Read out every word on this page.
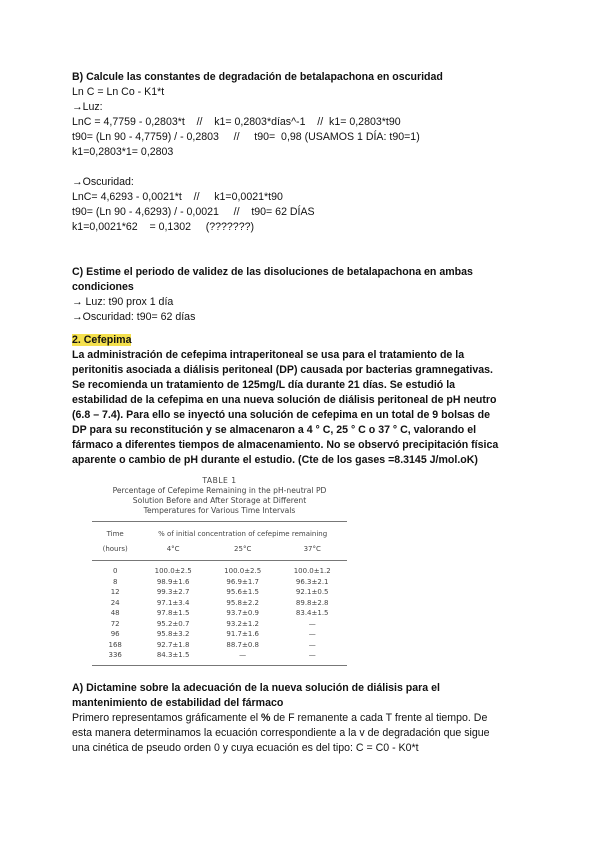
B) Calcule las constantes de degradación de betalapachona en oscuridad

Ln C = Ln Co - K1*t

→Luz:

LnC = 4,7759 - 0,2803*t    //    k1= 0,2803*días^-1    //  k1= 0,2803*t90

t90= (Ln 90 - 4,7759) / - 0,2803     //     t90=  0,98 (USAMOS 1 DÍA: t90=1)

k1=0,2803*1= 0,2803

→Oscuridad:

LnC= 4,6293 - 0,0021*t    //     k1=0,0021*t90

t90= (Ln 90 - 4,6293) / - 0,0021     //    t90= 62 DÍAS

k1=0,0021*62    = 0,1302     (???????)

C) Estime el periodo de validez de las disoluciones de betalapachona en ambas

condiciones

→ Luz: t90 prox 1 día

→Oscuridad: t90= 62 días

2. Cefepima

La administración de cefepima intraperitoneal se usa para el tratamiento de la

peritonitis asociada a diálisis peritoneal (DP) causada por bacterias gramnegativas.

Se recomienda un tratamiento de 125mg/L día durante 21 días. Se estudió la

estabilidad de la cefepima en una nueva solución de diálisis peritoneal de pH neutro

(6.8 – 7.4). Para ello se inyectó una solución de cefepima en un total de 9 bolsas de

DP para su reconstitución y se almacenaron a 4 ° C, 25 ° C o 37 ° C, valorando el

fármaco a diferentes tiempos de almacenamiento. No se observó precipitación física

aparente o cambio de pH durante el estudio. (Cte de los gases =8.3145 J/mol.oK)

TABLE 1
Percentage of Cefepime Remaining in the pH-neutral PD
Solution Before and After Storage at Different
Temperatures for Various Time Intervals
Time	% of initial concentration of cefepime remaining		
(hours)	4°C	25°C	37°C
0	100.0±2.5	100.0±2.5	100.0±1.2
8	98.9±1.6	96.9±1.7	96.3±2.1
12	99.3±2.7	95.6±1.5	92.1±0.5
24	97.1±3.4	95.8±2.2	89.8±2.8
48	97.8±1.5	93.7±0.9	83.4±1.5
72	95.2±0.7	93.2±1.2	—
96	95.8±3.2	91.7±1.6	—
168	92.7±1.8	88.7±0.8	—
336	84.3±1.5	—	—

A) Dictamine sobre la adecuación de la nueva solución de diálisis para el

mantenimiento de estabilidad del fármaco

Primero representamos gráficamente el % de F remanente a cada T frente al tiempo. De

esta manera determinamos la ecuación correspondiente a la v de degradación que sigue

una cinética de pseudo orden 0 y cuya ecuación es del tipo: C = C0 - K0*t
